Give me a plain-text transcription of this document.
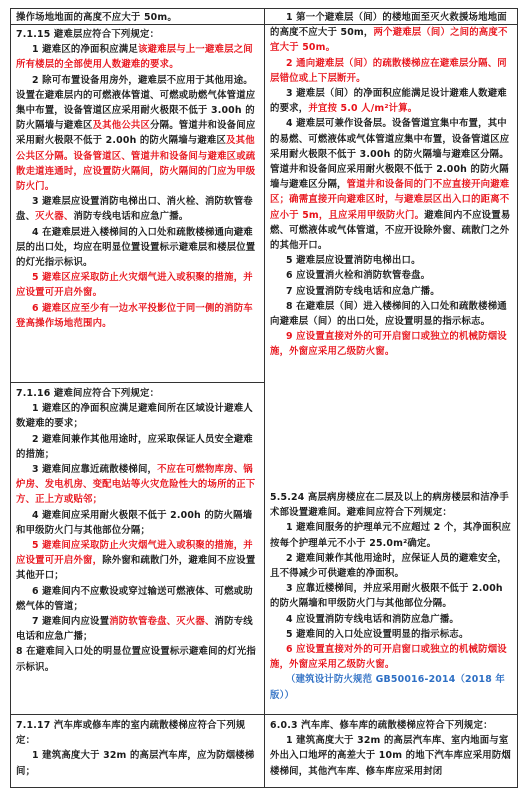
操作场地地面的高度不应大于 50m。

7.1.15 避难层应符合下列规定：

1 避难区的净面积应满足该避难层与上一避难层之间所有楼层的全部使用人数避难的要求。

2 除可布置设备用房外，避难层不应用于其他用途。设置在避难层内的可燃液体管道、可燃或助燃气体管道应集中布置，设备管道区应采用耐火极限不低于 3.00h 的防火隔墙与避难区及其他公共区分隔。管道井和设备间应采用耐火极限不低于 2.00h 的防火隔墙与避难区及其他公共区分隔。设备管道区、管道井和设备间与避难区或疏散走道连通时，应设置防火隔间，防火隔间的门应为甲级防火门。

3 避难层应设置消防电梯出口、消火栓、消防软管卷盘、灭火器、消防专线电话和应急广播。

4 在避难层进入楼梯间的入口处和疏散楼梯通向避难层的出口处，均应在明显位置设置标示避难层和楼层位置的灯光指示标识。

5 避难区应采取防止火灾烟气进入或积聚的措施，并应设置可开启外窗。

6 避难区应至少有一边水平投影位于同一侧的消防车登高操作场地范围内。

7.1.16 避难间应符合下列规定：

1 避难区的净面积应满足避难间所在区域设计避难人数避难的要求；

2 避难间兼作其他用途时，应采取保证人员安全避难的措施；

3 避难间应靠近疏散楼梯间，不应在可燃物库房、锅炉房、发电机房、变配电站等火灾危险性大的场所的正下方、正上方或贴邻；

4 避难间应采用耐火极限不低于 2.00h 的防火隔墙和甲级防火门与其他部位分隔；

5 避难间应采取防止火灾烟气进入或积聚的措施，并应设置可开启外窗，除外窗和疏散门外，避难间不应设置其他开口；

6 避难间内不应敷设或穿过输送可燃液体、可燃或助燃气体的管道；

7 避难间内应设置消防软管卷盘、灭火器、消防专线电话和应急广播；

8 在避难间入口处的明显位置应设置标示避难间的灯光指示标识。

7.1.17 汽车库或修车库的室内疏散楼梯应符合下列规定：

1 建筑高度大于 32m 的高层汽车库，应为防烟楼梯间；

1 第一个避难层（间）的楼地面至灭火救援场地地面的高度不应大于 50m，两个避难层（间）之间的高度不宜大于 50m。

2 通向避难层（间）的疏散楼梯应在避难层分隔、同层错位或上下层断开。

3 避难层（间）的净面积应能满足设计避难人数避难的要求，并宜按 5.0 人/m²计算。

4 避难层可兼作设备层。设备管道宜集中布置，其中的易燃、可燃液体或气体管道应集中布置，设备管道区应采用耐火极限不低于 3.00h 的防火隔墙与避难区分隔。管道井和设备间应采用耐火极限不低于 2.00h 的防火隔墙与避难区分隔，管道井和设备间的门不应直接开向避难区；确需直接开向避难区时，与避难层区出入口的距离不应小于 5m，且应采用甲级防火门。避难间内不应设置易燃、可燃液体或气体管道，不应开设除外窗、疏散门之外的其他开口。

5 避难层应设置消防电梯出口。

6 应设置消火栓和消防软管卷盘。

7 应设置消防专线电话和应急广播。

8 在避难层（间）进入楼梯间的入口处和疏散楼梯通向避难层（间）的出口处，应设置明显的指示标志。

9 应设置直接对外的可开启窗口或独立的机械防烟设施，外窗应采用乙级防火窗。

5.5.24 高层病房楼应在二层及以上的病房楼层和洁净手术部设置避难间。避难间应符合下列规定：

1 避难间服务的护理单元不应超过 2 个，其净面积应按每个护理单元不小于 25.0m²确定。

2 避难间兼作其他用途时，应保证人员的避难安全，且不得减少可供避难的净面积。

3 应靠近楼梯间，并应采用耐火极限不低于 2.00h 的防火隔墙和甲级防火门与其他部位分隔。

4 应设置消防专线电话和消防应急广播。

5 避难间的入口处应设置明显的指示标志。

6 应设置直接对外的可开启窗口或独立的机械防烟设施，外窗应采用乙级防火窗。

（建筑设计防火规范 GB50016-2014（2018 年版））

6.0.3 汽车库、修车库的疏散楼梯应符合下列规定：

1 建筑高度大于 32m 的高层汽车库、室内地面与室外出入口地坪的高差大于 10m 的地下汽车库应采用防烟楼梯间，其他汽车库、修车库应采用封闭
